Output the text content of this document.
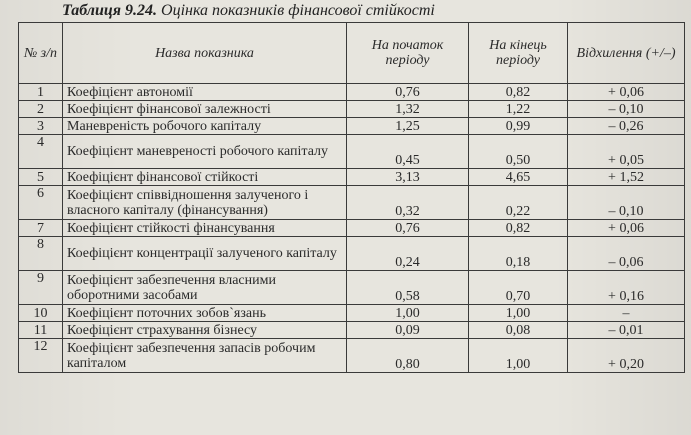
Таблиця 9.24. Оцінка показників фінансової стійкості
№ з/п	Назва показника	На початок періоду	На кінець періоду	Відхилення (+/–)
1	Коефіцієнт автономії	0,76	0,82	+ 0,06
2	Коефіцієнт фінансової залежності	1,32	1,22	– 0,10
3	Маневреність робочого капіталу	1,25	0,99	– 0,26
4	Коефіцієнт маневреності робочого капіталу	0,45	0,50	+ 0,05
5	Коефіцієнт фінансової стійкості	3,13	4,65	+ 1,52
6	Коефіцієнт співвідношення залученого і власного капіталу (фінансування)	0,32	0,22	– 0,10
7	Коефіцієнт стійкості фінансування	0,76	0,82	+ 0,06
8	Коефіцієнт концентрації залученого капіталу	0,24	0,18	– 0,06
9	Коефіцієнт забезпечення власними оборотними засобами	0,58	0,70	+ 0,16
10	Коефіцієнт поточних зобов`язань	1,00	1,00	–
11	Коефіцієнт страхування бізнесу	0,09	0,08	– 0,01
12	Коефіцієнт забезпечення запасів робочим капіталом	0,80	1,00	+ 0,20
